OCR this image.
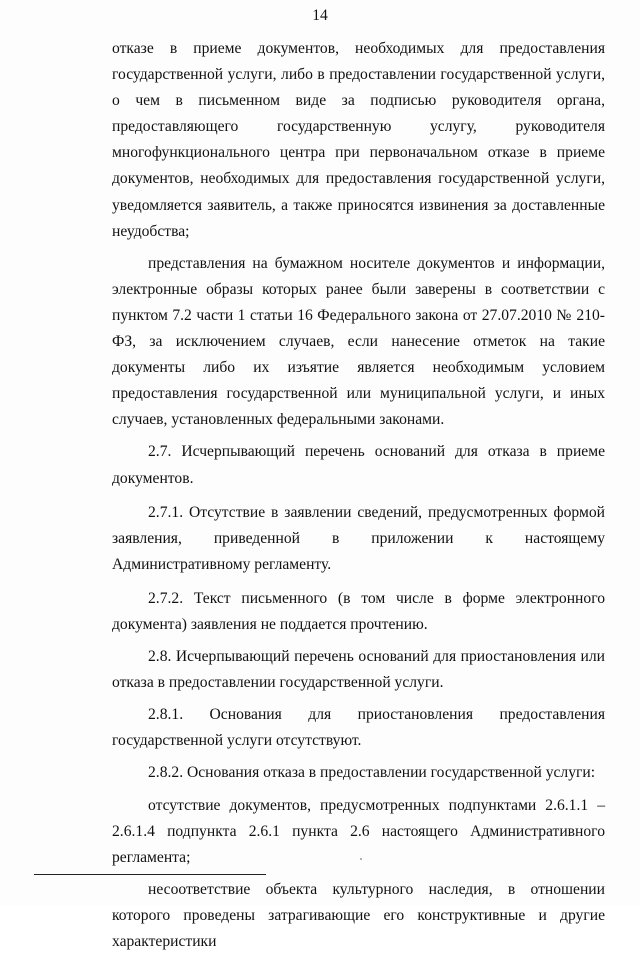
14

отказе в приеме документов, необходимых для предоставления государственной услуги, либо в предоставлении государственной услуги, о чем в письменном виде за подписью руководителя органа, предоставляющего государственную услугу, руководителя многофункционального центра при первоначальном отказе в приеме документов, необходимых для предоставления государственной услуги, уведомляется заявитель, а также приносятся извинения за доставленные неудобства;

представления на бумажном носителе документов и информации, электронные образы которых ранее были заверены в соответствии с пунктом 7.2 части 1 статьи 16 Федерального закона от 27.07.2010 № 210-ФЗ, за исключением случаев, если нанесение отметок на такие документы либо их изъятие является необходимым условием предоставления государственной или муниципальной услуги, и иных случаев, установленных федеральными законами.

2.7. Исчерпывающий перечень оснований для отказа в приеме документов.

2.7.1. Отсутствие в заявлении сведений, предусмотренных формой заявления, приведенной в приложении к настоящему Административному регламенту.

2.7.2. Текст письменного (в том числе в форме электронного документа) заявления не поддается прочтению.

2.8. Исчерпывающий перечень оснований для приостановления или отказа в предоставлении государственной услуги.

2.8.1. Основания для приостановления предоставления государственной услуги отсутствуют.

2.8.2. Основания отказа в предоставлении государственной услуги:

отсутствие документов, предусмотренных подпунктами 2.6.1.1 – 2.6.1.4 подпункта 2.6.1 пункта 2.6 настоящего Административного регламента;

несоответствие объекта культурного наследия, в отношении которого проведены затрагивающие его конструктивные и другие характеристики
